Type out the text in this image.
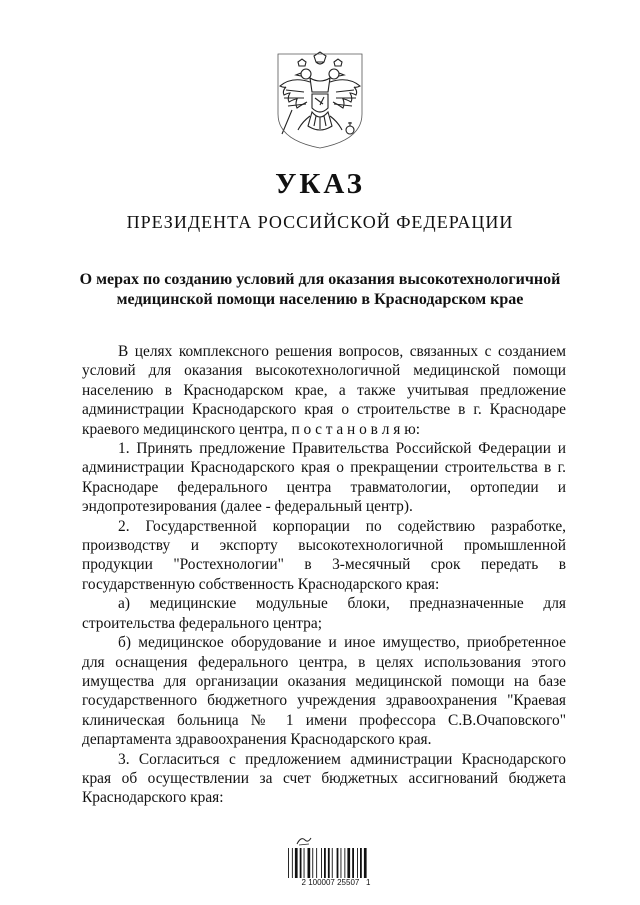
УКАЗ
ПРЕЗИДЕНТА РОССИЙСКОЙ ФЕДЕРАЦИИ
О мерах по созданию условий для оказания высокотехнологичной
медицинской помощи населению в Краснодарском крае

В целях комплексного решения вопросов, связанных с созданием условий для оказания высокотехнологичной медицинской помощи населению в Краснодарском крае, а также учитывая предложение администрации Краснодарского края о строительстве в г. Краснодаре краевого медицинского центра, п о с т а н о в л я ю:

1. Принять предложение Правительства Российской Федерации и администрации Краснодарского края о прекращении строительства в г. Краснодаре федерального центра травматологии, ортопедии и эндопротезирования (далее - федеральный центр).

2. Государственной корпорации по содействию разработке, производству и экспорту высокотехнологичной промышленной продукции "Ростехнологии" в 3-месячный срок передать в государственную собственность Краснодарского края:

а) медицинские модульные блоки, предназначенные для строительства федерального центра;

б) медицинское оборудование и иное имущество, приобретенное для оснащения федерального центра, в целях использования этого имущества для организации оказания медицинской помощи на базе государственного бюджетного учреждения здравоохранения "Краевая клиническая больница № 1 имени профессора С.В.Очаповского" департамента здравоохранения Краснодарского края.

3. Согласиться с предложением администрации Краснодарского края об осуществлении за счет бюджетных ассигнований бюджета Краснодарского края:

2 100007 25507   1
